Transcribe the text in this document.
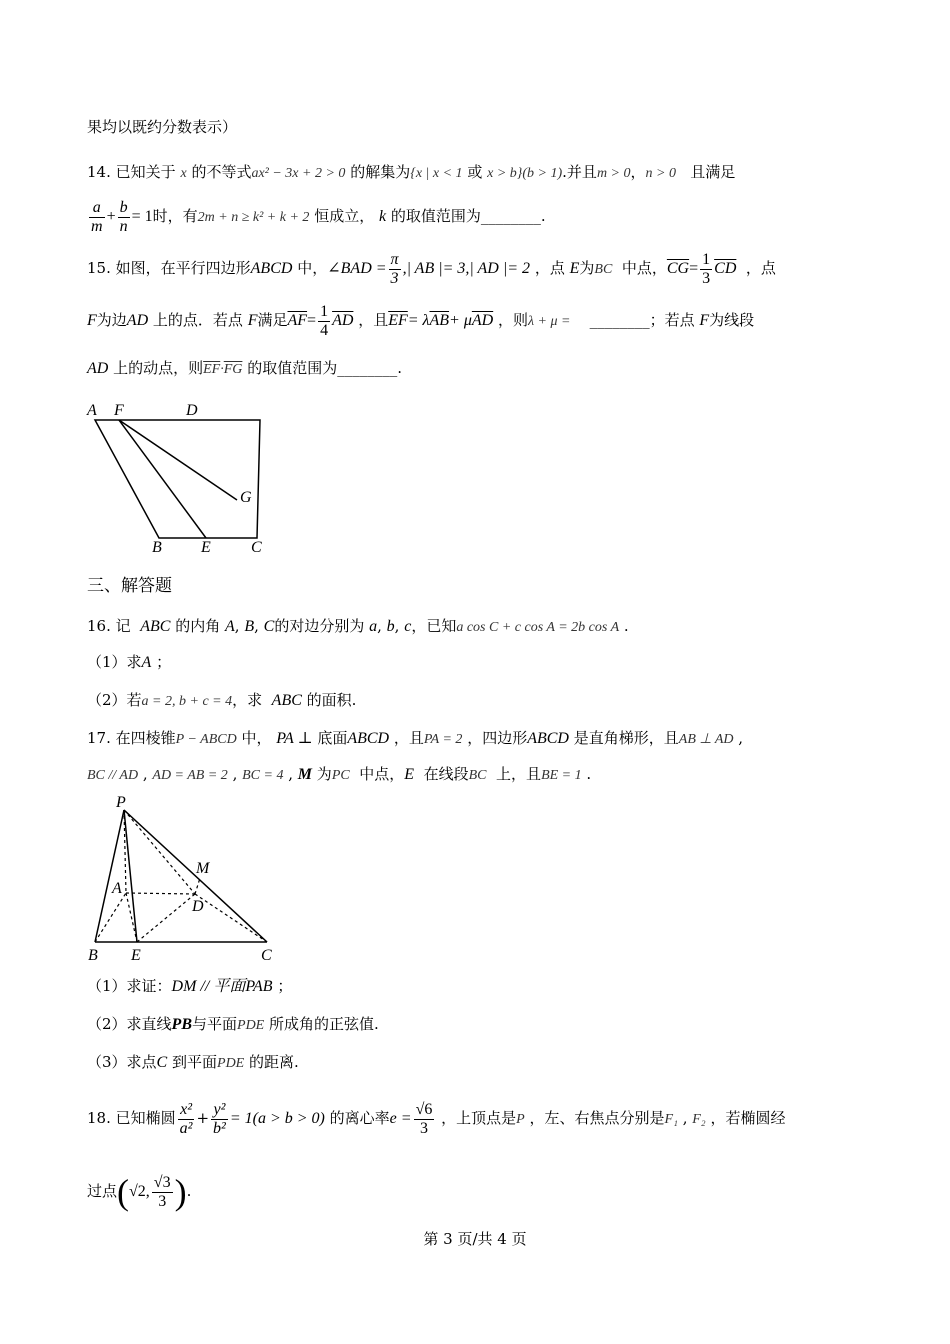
果均以既约分数表示）
14. 已知关于 x 的不等式ax² − 3x + 2 > 0 的解集为{x | x < 1 或 x > b}(b > 1).并且m > 0，n > 0 且满足
$\frac{a}{m} + \frac{b}{n} = 1$时，有2m + n ≥ k² + k + 2 恒成立， k 的取值范围为________.
15. 如图，在平行四边形ABCD 中，∠BAD = $\frac{\pi}{3}$ ,| AB |= 3,| AD |= 2 ，点 E为BC 中点，$\overline{CG}= \frac{1}{3} \overline{CD}$ ，点
F为边AD 上的点．若点 F满足$\overline{AF}= \frac{1}{4} \overline{AD}$ ，且$\overline{EF}= \lambda\overline{AB}+ \mu\overline{AD}$ ，则λ + μ = ________；若点 F为线段
AD 上的动点，则$\overline{EF}\cdot\overline{FG}$ 的取值范围为________.
A F	D
G
B E	C
三、解答题
16. 记 ABC 的内角 A, B, C的对边分别为 a, b, c，已知a cos C + c cos A = 2b cos A .
（1）求A ；
（2）若a = 2, b + c = 4，求 ABC 的面积.
17. 在四棱锥P − ABCD 中， PA ⊥ 底面ABCD ，且PA = 2 ，四边形ABCD 是直角梯形，且AB ⊥ AD ,
BC // AD , AD = AB = 2 , BC = 4 , M 为PC 中点，E 在线段BC 上，且BE = 1 .
P
M
A
D
B E	C
（1）求证：DM // 平面PAB ；
（2）求直线PB与平面PDE 所成角的正弦值.
（3）求点C 到平面PDE 的距离.
18. 已知椭圆 $\frac{\text{x²}}{\text{a²}} + \frac{\text{y²}}{\text{b²}} = 1(a > b > 0)$ 的离心率$e = \frac{√6}{3}$ ，上顶点是P ，左、右焦点分别是F₁ , F₂ ，若椭圆经
过点(√2, $\frac{√3}{3}$ ).
第 3 页/共 4 页
